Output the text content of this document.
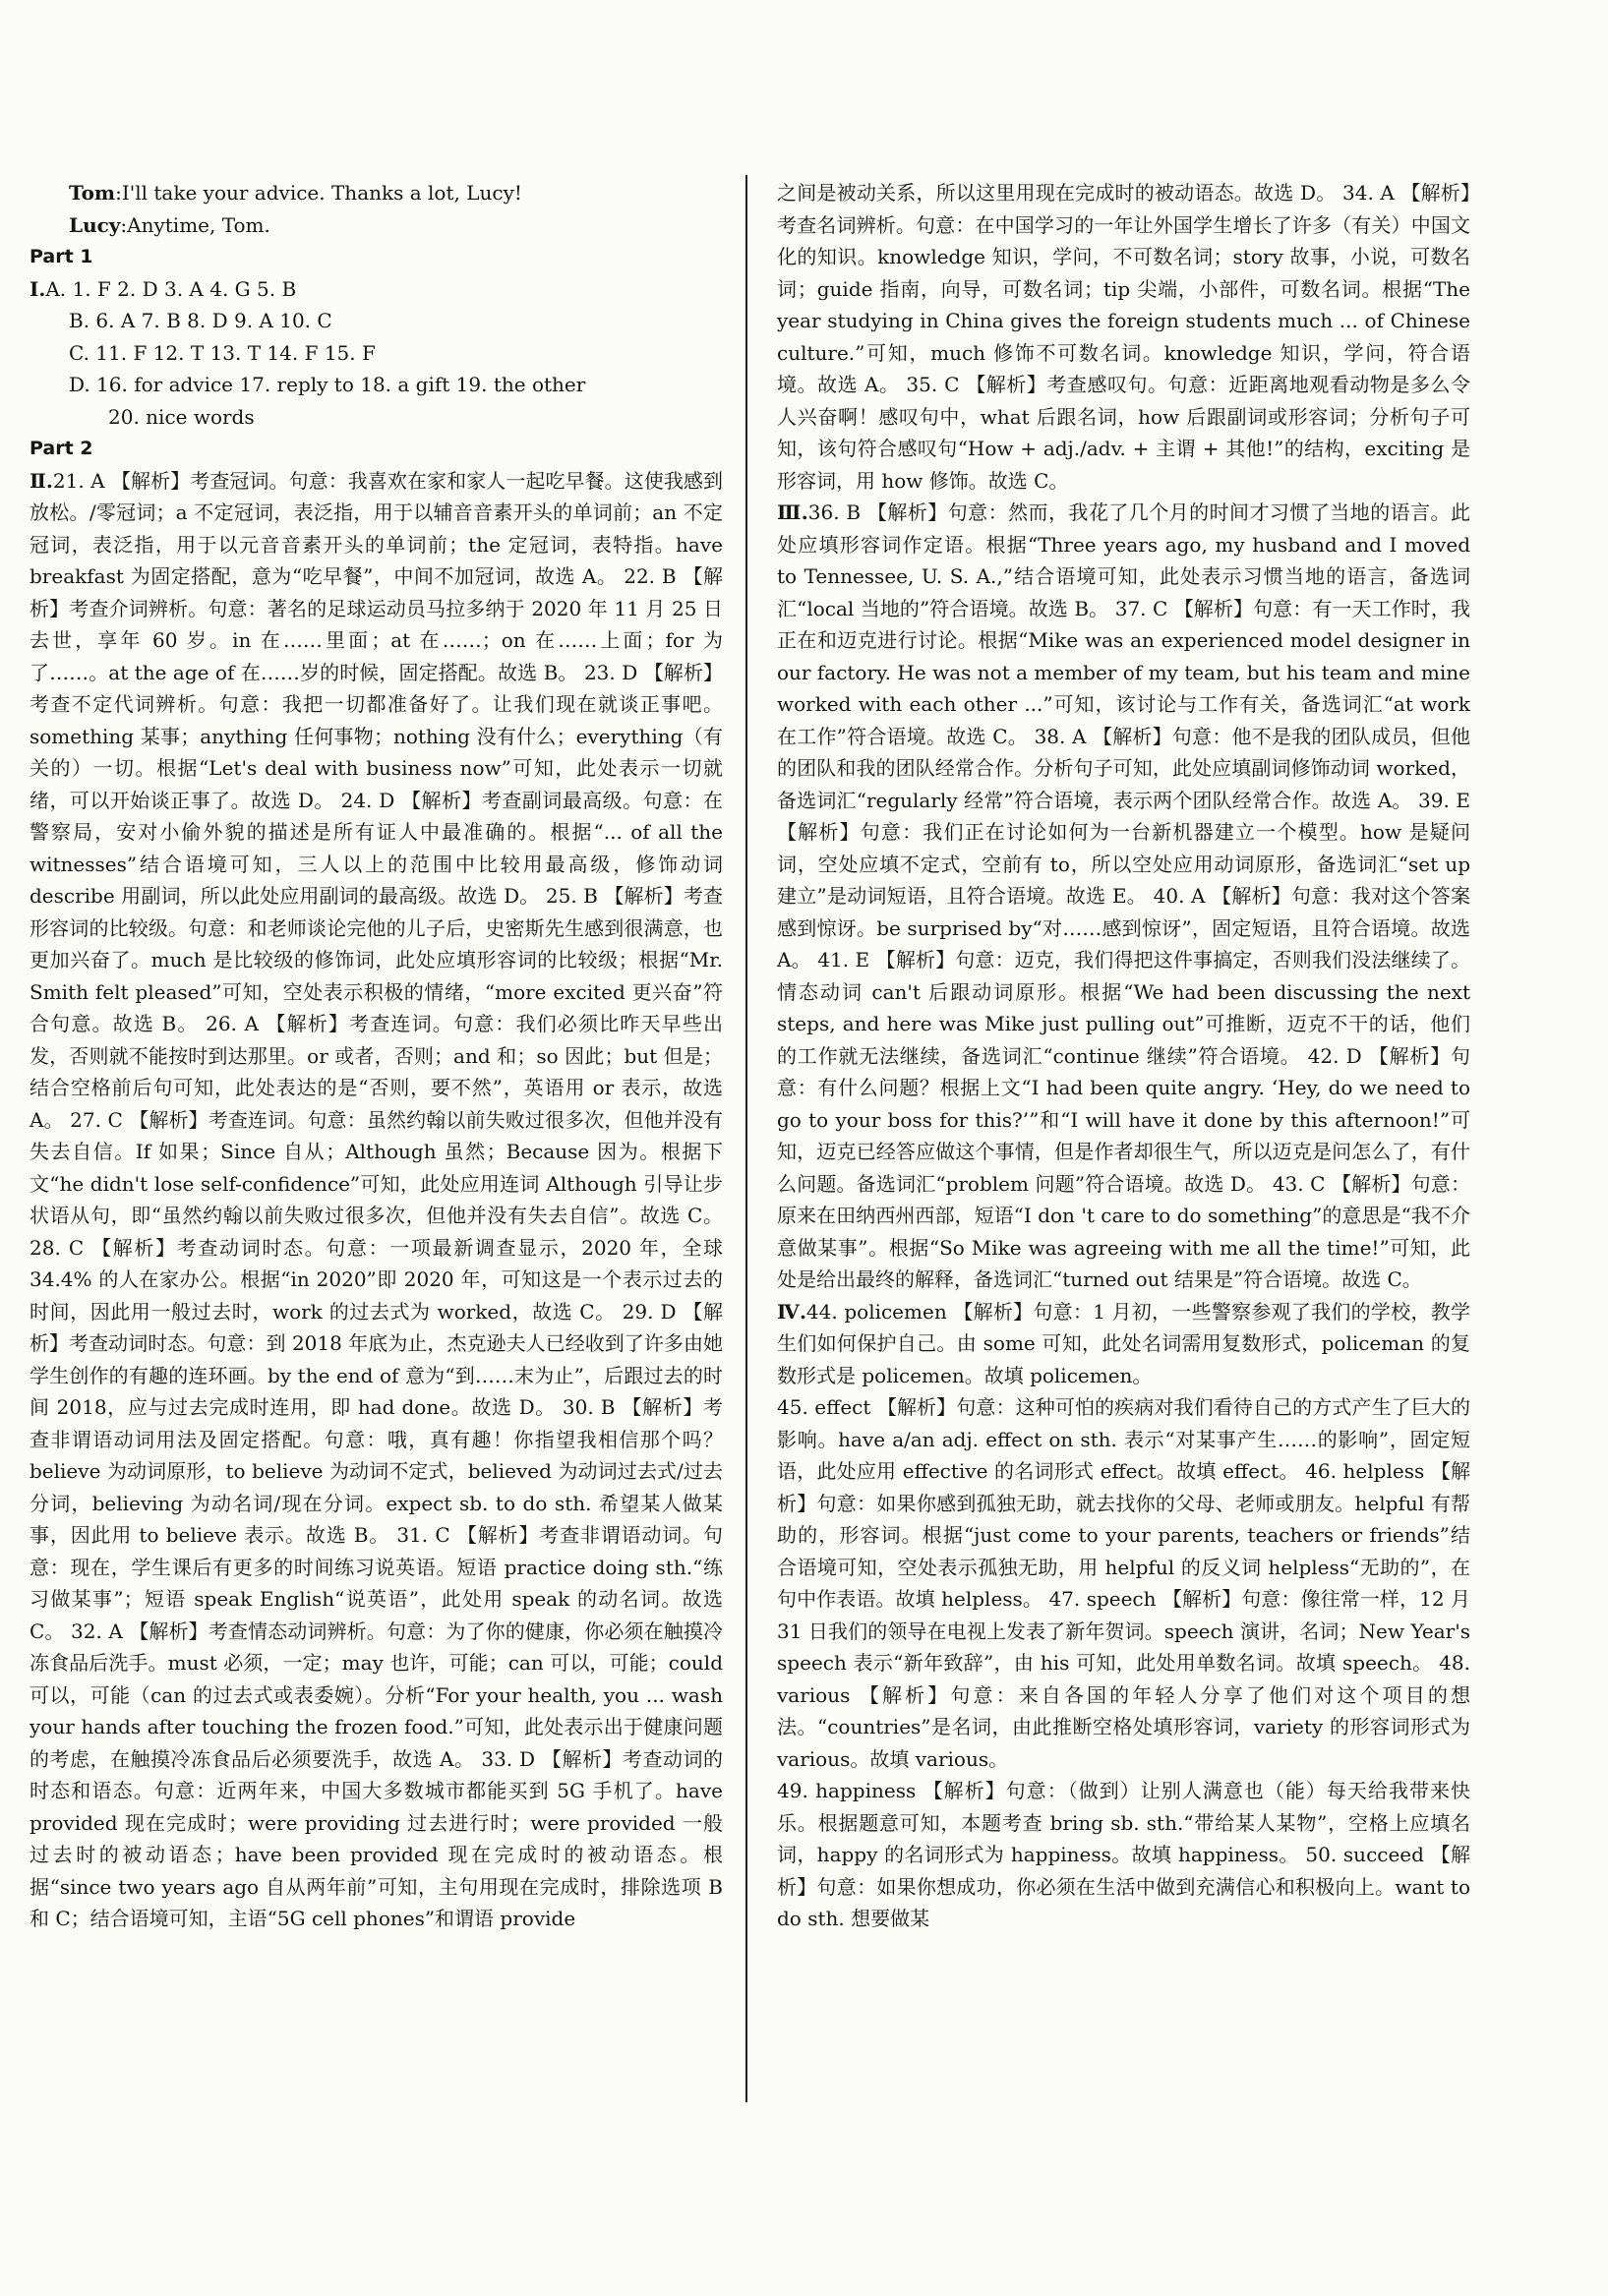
Tom:I'll take your advice. Thanks a lot, Lucy!

Lucy:Anytime, Tom.

Part 1

Ⅰ.A. 1. F 2. D 3. A 4. G 5. B

B. 6. A 7. B 8. D 9. A 10. C

C. 11. F 12. T 13. T 14. F 15. F

D. 16. for advice 17. reply to 18. a gift 19. the other

20. nice words

Part 2

Ⅱ.21. A 【解析】考查冠词。句意：我喜欢在家和家人一起吃早餐。这使我感到放松。/零冠词；a 不定冠词，表泛指，用于以辅音音素开头的单词前；an 不定冠词，表泛指，用于以元音音素开头的单词前；the 定冠词，表特指。have breakfast 为固定搭配，意为“吃早餐”，中间不加冠词，故选 A。 22. B 【解析】考查介词辨析。句意：著名的足球运动员马拉多纳于 2020 年 11 月 25 日去世，享年 60 岁。in 在……里面；at 在……；on 在……上面；for 为了……。at the age of 在……岁的时候，固定搭配。故选 B。 23. D 【解析】考查不定代词辨析。句意：我把一切都准备好了。让我们现在就谈正事吧。something 某事；anything 任何事物；nothing 没有什么；everything（有关的）一切。根据“Let's deal with business now”可知，此处表示一切就绪，可以开始谈正事了。故选 D。 24. D 【解析】考查副词最高级。句意：在警察局，安对小偷外貌的描述是所有证人中最准确的。根据“... of all the witnesses”结合语境可知，三人以上的范围中比较用最高级，修饰动词 describe 用副词，所以此处应用副词的最高级。故选 D。 25. B 【解析】考查形容词的比较级。句意：和老师谈论完他的儿子后，史密斯先生感到很满意，也更加兴奋了。much 是比较级的修饰词，此处应填形容词的比较级；根据“Mr. Smith felt pleased”可知，空处表示积极的情绪，“more excited 更兴奋”符合句意。故选 B。 26. A 【解析】考查连词。句意：我们必须比昨天早些出发，否则就不能按时到达那里。or 或者，否则；and 和；so 因此；but 但是；结合空格前后句可知，此处表达的是“否则，要不然”，英语用 or 表示，故选 A。 27. C 【解析】考查连词。句意：虽然约翰以前失败过很多次，但他并没有失去自信。If 如果；Since 自从；Although 虽然；Because 因为。根据下文“he didn't lose self-confidence”可知，此处应用连词 Although 引导让步状语从句，即“虽然约翰以前失败过很多次，但他并没有失去自信”。故选 C。 28. C 【解析】考查动词时态。句意：一项最新调查显示，2020 年，全球 34.4% 的人在家办公。根据“in 2020”即 2020 年，可知这是一个表示过去的时间，因此用一般过去时，work 的过去式为 worked，故选 C。 29. D 【解析】考查动词时态。句意：到 2018 年底为止，杰克逊夫人已经收到了许多由她学生创作的有趣的连环画。by the end of 意为“到……末为止”，后跟过去的时间 2018，应与过去完成时连用，即 had done。故选 D。 30. B 【解析】考查非谓语动词用法及固定搭配。句意：哦，真有趣！你指望我相信那个吗？believe 为动词原形，to believe 为动词不定式，believed 为动词过去式/过去分词，believing 为动名词/现在分词。expect sb. to do sth. 希望某人做某事，因此用 to believe 表示。故选 B。 31. C 【解析】考查非谓语动词。句意：现在，学生课后有更多的时间练习说英语。短语 practice doing sth.“练习做某事”；短语 speak English“说英语”，此处用 speak 的动名词。故选 C。 32. A 【解析】考查情态动词辨析。句意：为了你的健康，你必须在触摸冷冻食品后洗手。must 必须，一定；may 也许，可能；can 可以，可能；could 可以，可能（can 的过去式或表委婉）。分析“For your health, you ... wash your hands after touching the frozen food.”可知，此处表示出于健康问题的考虑，在触摸冷冻食品后必须要洗手，故选 A。 33. D 【解析】考查动词的时态和语态。句意：近两年来，中国大多数城市都能买到 5G 手机了。have provided 现在完成时；were providing 过去进行时；were provided 一般过去时的被动语态；have been provided 现在完成时的被动语态。根据“since two years ago 自从两年前”可知，主句用现在完成时，排除选项 B 和 C；结合语境可知，主语“5G cell phones”和谓语 provide

之间是被动关系，所以这里用现在完成时的被动语态。故选 D。 34. A 【解析】考查名词辨析。句意：在中国学习的一年让外国学生增长了许多（有关）中国文化的知识。knowledge 知识，学问，不可数名词；story 故事，小说，可数名词；guide 指南，向导，可数名词；tip 尖端，小部件，可数名词。根据“The year studying in China gives the foreign students much ... of Chinese culture.”可知，much 修饰不可数名词。knowledge 知识，学问，符合语境。故选 A。 35. C 【解析】考查感叹句。句意：近距离地观看动物是多么令人兴奋啊！感叹句中，what 后跟名词，how 后跟副词或形容词；分析句子可知，该句符合感叹句“How + adj./adv. + 主谓 + 其他!”的结构，exciting 是形容词，用 how 修饰。故选 C。

Ⅲ.36. B 【解析】句意：然而，我花了几个月的时间才习惯了当地的语言。此处应填形容词作定语。根据“Three years ago, my husband and I moved to Tennessee, U. S. A.,”结合语境可知，此处表示习惯当地的语言，备选词汇“local 当地的”符合语境。故选 B。 37. C 【解析】句意：有一天工作时，我正在和迈克进行讨论。根据“Mike was an experienced model designer in our factory. He was not a member of my team, but his team and mine worked with each other ...”可知，该讨论与工作有关，备选词汇“at work 在工作”符合语境。故选 C。 38. A 【解析】句意：他不是我的团队成员，但他的团队和我的团队经常合作。分析句子可知，此处应填副词修饰动词 worked，备选词汇“regularly 经常”符合语境，表示两个团队经常合作。故选 A。 39. E 【解析】句意：我们正在讨论如何为一台新机器建立一个模型。how 是疑问词，空处应填不定式，空前有 to，所以空处应用动词原形，备选词汇“set up 建立”是动词短语，且符合语境。故选 E。 40. A 【解析】句意：我对这个答案感到惊讶。be surprised by“对……感到惊讶”，固定短语，且符合语境。故选 A。 41. E 【解析】句意：迈克，我们得把这件事搞定，否则我们没法继续了。情态动词 can't 后跟动词原形。根据“We had been discussing the next steps, and here was Mike just pulling out”可推断，迈克不干的话，他们的工作就无法继续，备选词汇“continue 继续”符合语境。 42. D 【解析】句意：有什么问题？根据上文“I had been quite angry. ‘Hey, do we need to go to your boss for this?’”和“I will have it done by this afternoon!”可知，迈克已经答应做这个事情，但是作者却很生气，所以迈克是问怎么了，有什么问题。备选词汇“problem 问题”符合语境。故选 D。 43. C 【解析】句意：原来在田纳西州西部，短语“I don 't care to do something”的意思是“我不介意做某事”。根据“So Mike was agreeing with me all the time!”可知，此处是给出最终的解释，备选词汇“turned out 结果是”符合语境。故选 C。

Ⅳ.44. policemen 【解析】句意：1 月初，一些警察参观了我们的学校，教学生们如何保护自己。由 some 可知，此处名词需用复数形式，policeman 的复数形式是 policemen。故填 policemen。

45. effect 【解析】句意：这种可怕的疾病对我们看待自己的方式产生了巨大的影响。have a/an adj. effect on sth. 表示“对某事产生……的影响”，固定短语，此处应用 effective 的名词形式 effect。故填 effect。 46. helpless 【解析】句意：如果你感到孤独无助，就去找你的父母、老师或朋友。helpful 有帮助的，形容词。根据“just come to your parents, teachers or friends”结合语境可知，空处表示孤独无助，用 helpful 的反义词 helpless“无助的”，在句中作表语。故填 helpless。 47. speech 【解析】句意：像往常一样，12 月 31 日我们的领导在电视上发表了新年贺词。speech 演讲，名词；New Year's speech 表示“新年致辞”，由 his 可知，此处用单数名词。故填 speech。 48. various 【解析】句意：来自各国的年轻人分享了他们对这个项目的想法。“countries”是名词，由此推断空格处填形容词，variety 的形容词形式为 various。故填 various。

49. happiness 【解析】句意：（做到）让别人满意也（能）每天给我带来快乐。根据题意可知，本题考查 bring sb. sth.“带给某人某物”，空格上应填名词，happy 的名词形式为 happiness。故填 happiness。 50. succeed 【解析】句意：如果你想成功，你必须在生活中做到充满信心和积极向上。want to do sth. 想要做某
